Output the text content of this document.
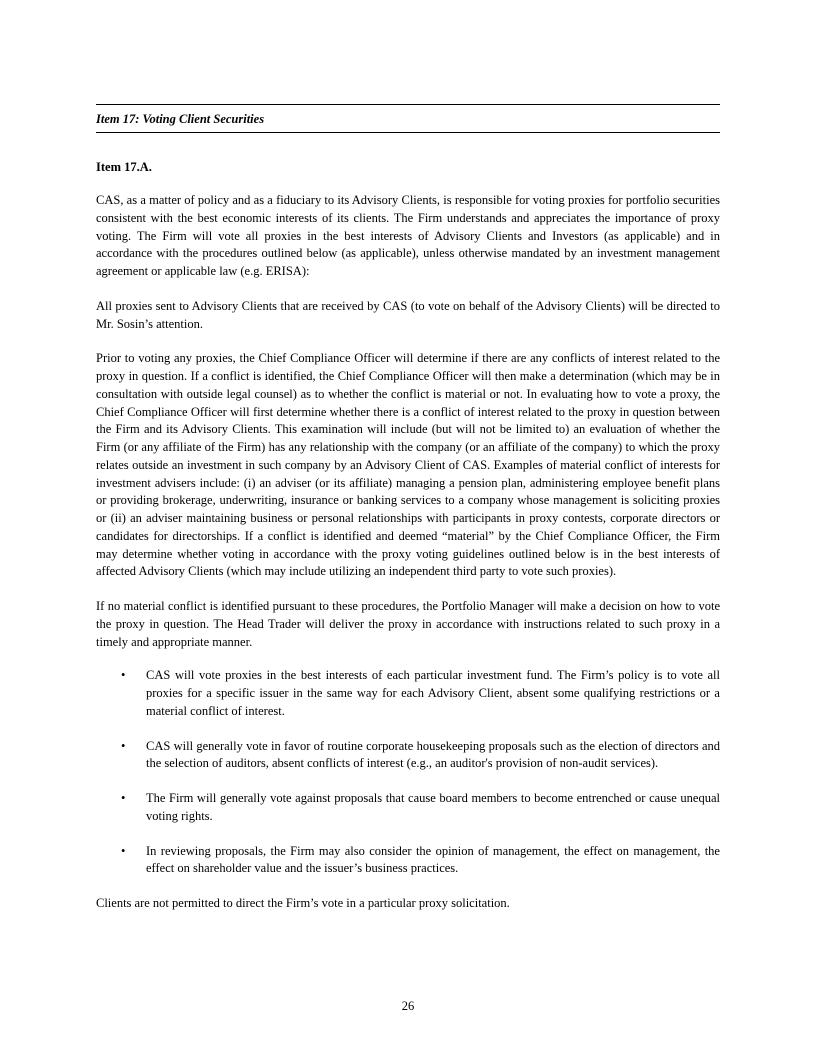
Item 17: Voting Client Securities
Item 17.A.

CAS, as a matter of policy and as a fiduciary to its Advisory Clients, is responsible for voting proxies for portfolio securities consistent with the best economic interests of its clients. The Firm understands and appreciates the importance of proxy voting. The Firm will vote all proxies in the best interests of Advisory Clients and Investors (as applicable) and in accordance with the procedures outlined below (as applicable), unless otherwise mandated by an investment management agreement or applicable law (e.g. ERISA):

All proxies sent to Advisory Clients that are received by CAS (to vote on behalf of the Advisory Clients) will be directed to Mr. Sosin’s attention.

Prior to voting any proxies, the Chief Compliance Officer will determine if there are any conflicts of interest related to the proxy in question. If a conflict is identified, the Chief Compliance Officer will then make a determination (which may be in consultation with outside legal counsel) as to whether the conflict is material or not. In evaluating how to vote a proxy, the Chief Compliance Officer will first determine whether there is a conflict of interest related to the proxy in question between the Firm and its Advisory Clients. This examination will include (but will not be limited to) an evaluation of whether the Firm (or any affiliate of the Firm) has any relationship with the company (or an affiliate of the company) to which the proxy relates outside an investment in such company by an Advisory Client of CAS. Examples of material conflict of interests for investment advisers include: (i) an adviser (or its affiliate) managing a pension plan, administering employee benefit plans or providing brokerage, underwriting, insurance or banking services to a company whose management is soliciting proxies or (ii) an adviser maintaining business or personal relationships with participants in proxy contests, corporate directors or candidates for directorships. If a conflict is identified and deemed “material” by the Chief Compliance Officer, the Firm may determine whether voting in accordance with the proxy voting guidelines outlined below is in the best interests of affected Advisory Clients (which may include utilizing an independent third party to vote such proxies).

If no material conflict is identified pursuant to these procedures, the Portfolio Manager will make a decision on how to vote the proxy in question. The Head Trader will deliver the proxy in accordance with instructions related to such proxy in a timely and appropriate manner.

• CAS will vote proxies in the best interests of each particular investment fund. The Firm’s policy is to vote all proxies for a specific issuer in the same way for each Advisory Client, absent some qualifying restrictions or a material conflict of interest.
• CAS will generally vote in favor of routine corporate housekeeping proposals such as the election of directors and the selection of auditors, absent conflicts of interest (e.g., an auditor's provision of non-audit services).
• The Firm will generally vote against proposals that cause board members to become entrenched or cause unequal voting rights.
• In reviewing proposals, the Firm may also consider the opinion of management, the effect on management, the effect on shareholder value and the issuer’s business practices.

Clients are not permitted to direct the Firm’s vote in a particular proxy solicitation.

26
